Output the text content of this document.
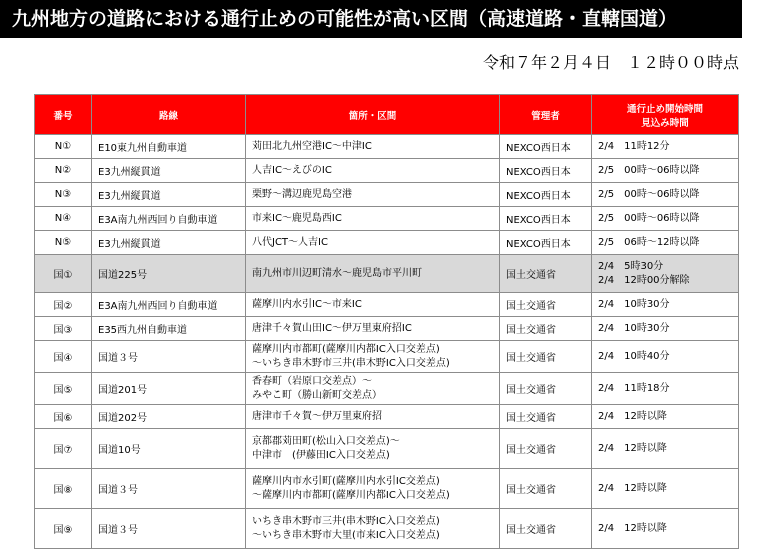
九州地方の道路における通行止めの可能性が高い区間（高速道路・直轄国道）
令和７年２月４日　１２時００時点
番号	路線	箇所・区間	管理者	通行止め開始時間
見込み時間

N①	E10東九州自動車道	苅田北九州空港IC～中津IC	NEXCO西日本	2/4　11時12分

N②	E3九州縦貫道	人吉IC～えびのIC	NEXCO西日本	2/5　00時～06時以降

N③	E3九州縦貫道	栗野～溝辺鹿児島空港	NEXCO西日本	2/5　00時～06時以降

N④	E3A南九州西回り自動車道	市来IC～鹿児島西IC	NEXCO西日本	2/5　00時～06時以降

N⑤	E3九州縦貫道	八代JCT～人吉IC	NEXCO西日本	2/5　06時～12時以降

国①	国道225号	南九州市川辺町清水～鹿児島市平川町	国土交通省	2/4　5時30分
2/4　12時00分解除

国②	E3A南九州西回り自動車道	薩摩川内水引IC～市来IC	国土交通省	2/4　10時30分

国③	E35西九州自動車道	唐津千々賀山田IC～伊万里東府招IC	国土交通省	2/4　10時30分

国④	国道３号	薩摩川内市都町(薩摩川内都IC入口交差点)
～いちき串木野市三井(串木野IC入口交差点)	国土交通省	2/4　10時40分

国⑤	国道201号	香春町（岩原口交差点）～
みやこ町（勝山新町交差点）	国土交通省	2/4　11時18分

国⑥	国道202号	唐津市千々賀～伊万里東府招	国土交通省	2/4　12時以降

国⑦	国道10号	京都郡苅田町(松山入口交差点)～
中津市　(伊藤田IC入口交差点)	国土交通省	2/4　12時以降

国⑧	国道３号	薩摩川内市水引町(薩摩川内水引IC交差点)
～薩摩川内市都町(薩摩川内都IC入口交差点)	国土交通省	2/4　12時以降

国⑨	国道３号	いちき串木野市三井(串木野IC入口交差点)
～いちき串木野市大里(市来IC入口交差点)	国土交通省	2/4　12時以降
